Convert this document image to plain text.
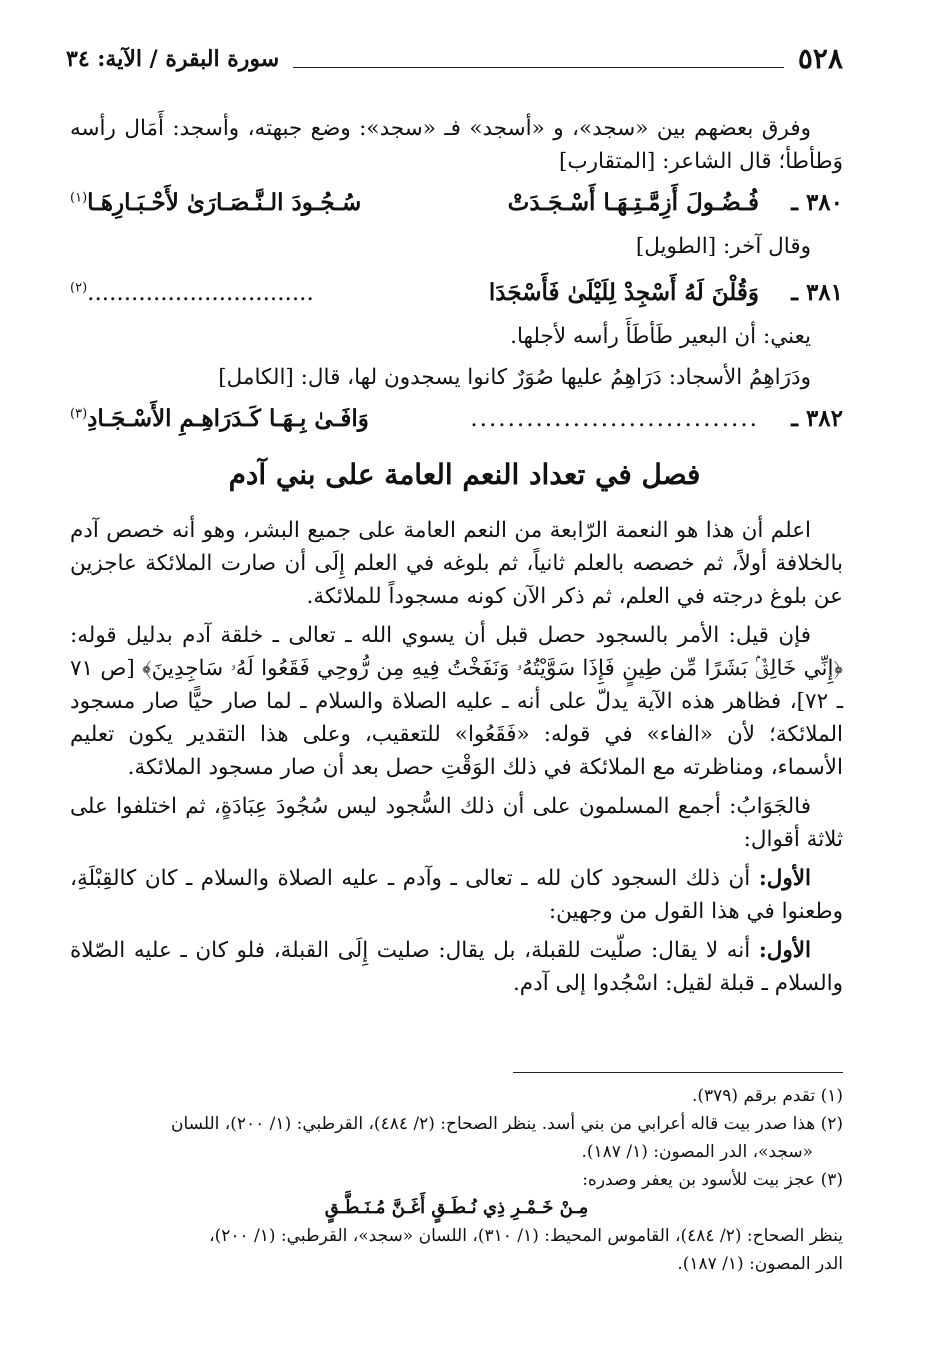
٥٢٨
سورة البقرة / الآية: ٣٤

وفرق بعضهم بين «سجد»، و «أسجد» فـ «سجد»: وضع جبهته، وأسجد: أَمَال رأسه وَطأطأ؛ قال الشاعر: [المتقارب]

٣٨٠ ـ
فُـضُـولَ أَزِمَّـتِـهَـا أَسْـجَـدَتْ
سُـجُـودَ الـنَّـصَـارَىٰ لأَحْـبَـارِهَـا$^{(١)}$

وقال آخر: [الطويل]

٣٨١ ـ
وَقُلْنَ لَهُ أَسْجِدْ لِلَيْلَىٰ فَأَسْجَدَا
...............................$^{(٢)}$

يعني: أن البعير طَأطَأَ رأسه لأجلها.

ودَرَاهِمُ الأسجاد: دَرَاهِمُ عليها صُوَرٌ كانوا يسجدون لها، قال: [الكامل]

٣٨٢ ـ
...............................
وَافَـىٰ بِـهَـا كَـدَرَاهِـمِ الأَسْـجَـادِ$^{(٣)}$
فصل في تعداد النعم العامة على بني آدم

اعلم أن هذا هو النعمة الرّابعة من النعم العامة على جميع البشر، وهو أنه خصص آدم بالخلافة أولاً، ثم خصصه بالعلم ثانياً، ثم بلوغه في العلم إِلَى أن صارت الملائكة عاجزين عن بلوغ درجته في العلم، ثم ذكر الآن كونه مسجوداً للملائكة.

فإن قيل: الأمر بالسجود حصل قبل أن يسوي الله ـ تعالى ـ خلقة آدم بدليل قوله: ﴿إِنِّي خَالِقٌۢ بَشَرًا مِّن طِينٍ فَإِذَا سَوَّيْتُهُۥ وَنَفَخْتُ فِيهِ مِن رُّوحِي فَقَعُوا لَهُۥ سَاجِدِينَ﴾ [ص ٧١ ـ ٧٢]، فظاهر هذه الآية يدلّ على أنه ـ عليه الصلاة والسلام ـ لما صار حيًّا صار مسجود الملائكة؛ لأن «الفاء» في قوله: «فَقَعُوا» للتعقيب، وعلى هذا التقدير يكون تعليم الأسماء، ومناظرته مع الملائكة في ذلك الوَقْتِ حصل بعد أن صار مسجود الملائكة.

فالجَوَابُ: أجمع المسلمون على أن ذلك السُّجود ليس سُجُودَ عِبَادَةٍ، ثم اختلفوا على ثلاثة أقوال:

الأول: أن ذلك السجود كان لله ـ تعالى ـ وآدم ـ عليه الصلاة والسلام ـ كان كالقِبْلَةِ، وطعنوا في هذا القول من وجهين:

الأول: أنه لا يقال: صلّيت للقبلة، بل يقال: صليت إِلَى القبلة، فلو كان ـ عليه الصّلاة والسلام ـ قبلة لقيل: اسْجُدوا إلى آدم.

(١) تقدم برقم (٣٧٩).

(٢) هذا صدر بيت قاله أعرابي من بني أسد. ينظر الصحاح: (٢/ ٤٨٤)، القرطبي: (١/ ٢٠٠)، اللسان
«سجد»، الدر المصون: (١/ ١٨٧).

(٣) عجز بيت للأسود بن يعفر وصدره:

مِـنْ خَـمْـرِ ذِي نُـطَـقٍ أَغَـنَّ مُـنَـطَّـقٍ

ينظر الصحاح: (٢/ ٤٨٤)، القاموس المحيط: (١/ ٣١٠)، اللسان «سجد»، القرطبي: (١/ ٢٠٠)،
الدر المصون: (١/ ١٨٧).
